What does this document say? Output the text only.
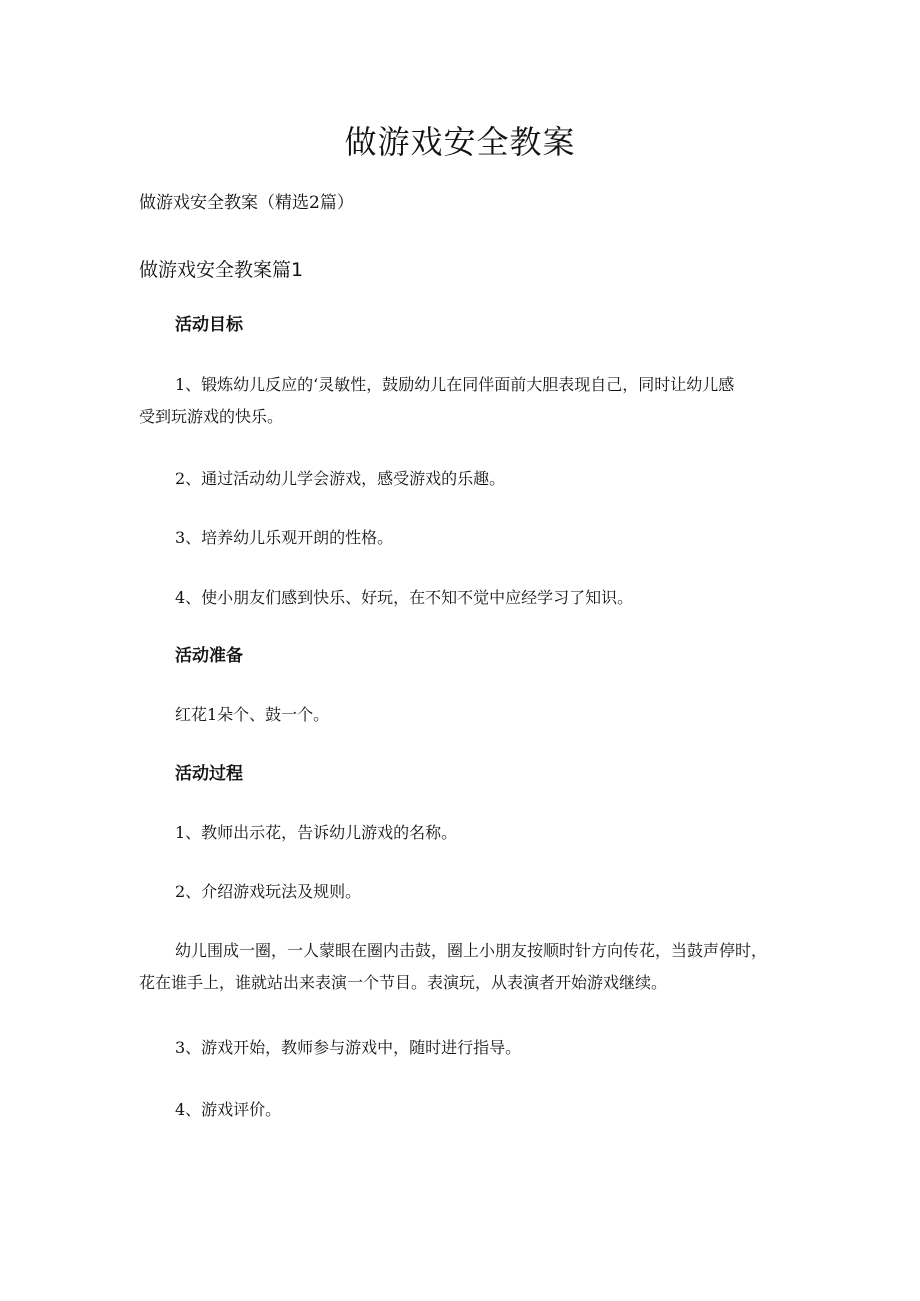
做游戏安全教案
做游戏安全教案（精选2篇）
做游戏安全教案篇1
活动目标
1、锻炼幼儿反应的‘灵敏性，鼓励幼儿在同伴面前大胆表现自己，同时让幼儿感
受到玩游戏的快乐。
2、通过活动幼儿学会游戏，感受游戏的乐趣。
3、培养幼儿乐观开朗的性格。
4、使小朋友们感到快乐、好玩，在不知不觉中应经学习了知识。
活动准备
红花1朵个、鼓一个。
活动过程
1、教师出示花，告诉幼儿游戏的名称。
2、介绍游戏玩法及规则。
幼儿围成一圈，一人蒙眼在圈内击鼓，圈上小朋友按顺时针方向传花，当鼓声停时，
花在谁手上，谁就站出来表演一个节目。表演玩，从表演者开始游戏继续。
3、游戏开始，教师参与游戏中，随时进行指导。
4、游戏评价。
